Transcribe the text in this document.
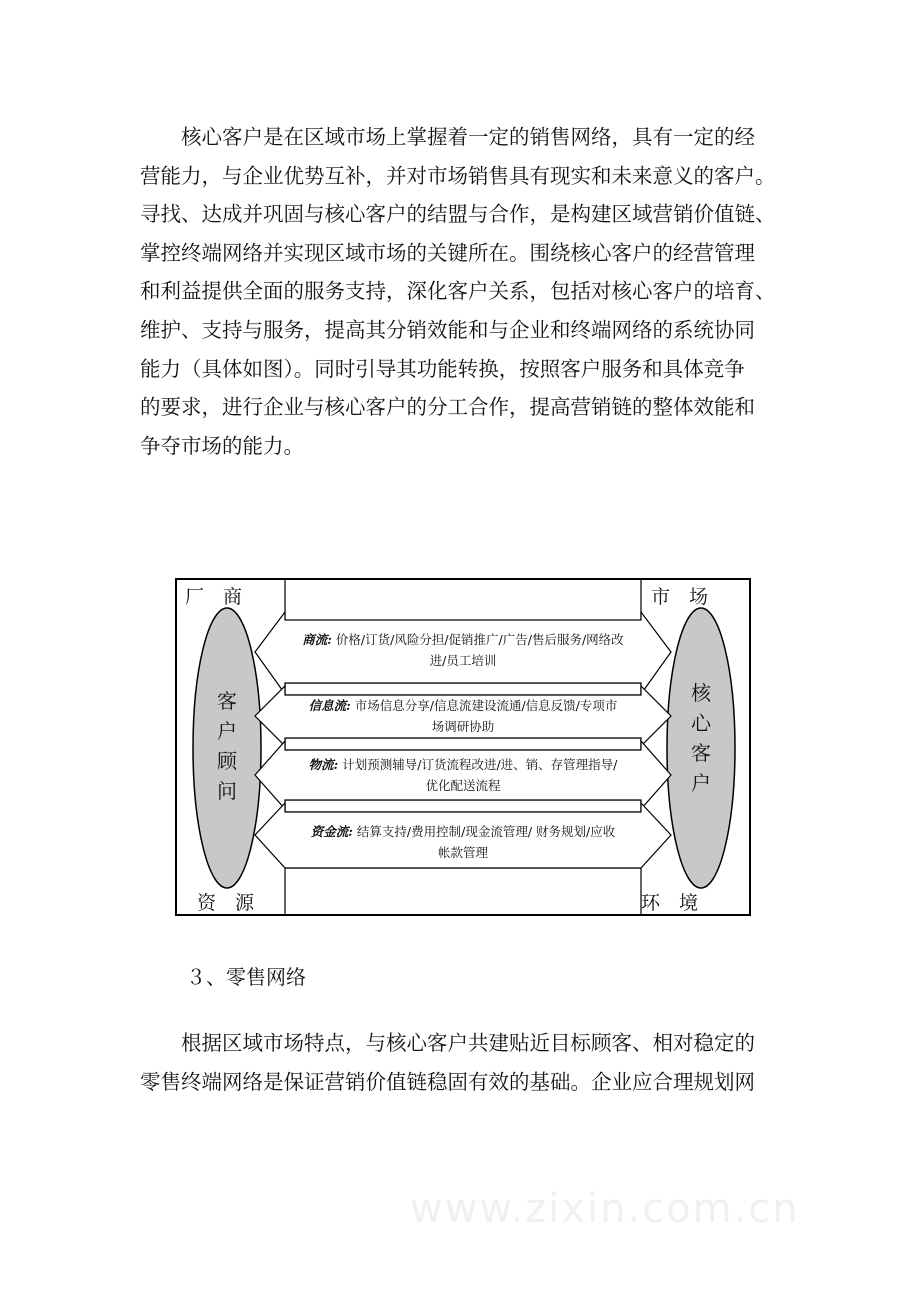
核心客户是在区域市场上掌握着一定的销售网络，具有一定的经
营能力，与企业优势互补，并对市场销售具有现实和未来意义的客户。
寻找、达成并巩固与核心客户的结盟与合作，是构建区域营销价值链、
掌控终端网络并实现区域市场的关键所在。围绕核心客户的经营管理
和利益提供全面的服务支持，深化客户关系，包括对核心客户的培育、
维护、支持与服务，提高其分销效能和与企业和终端网络的系统协同
能力（具体如图）。同时引导其功能转换，按照客户服务和具体竞争
的要求，进行企业与核心客户的分工合作，提高营销链的整体效能和
争夺市场的能力。
www.zixin.com.cn
厂　商	市　场
资　源	环　境
客
户
顾
问
核
心
客
户
商流: 价格/订货/风险分担/促销推广/广告/售后服务/网络改
进/员工培训
信息流: 市场信息分享/信息流建设流通/信息反馈/专项市
场调研协助
物流: 计划预测辅导/订货流程改进/进、销、存管理指导/
优化配送流程
资金流: 结算支持/费用控制/现金流管理/ 财务规划/应收
帐款管理

３、零售网络

根据区域市场特点，与核心客户共建贴近目标顾客、相对稳定的
零售终端网络是保证营销价值链稳固有效的基础。企业应合理规划网
